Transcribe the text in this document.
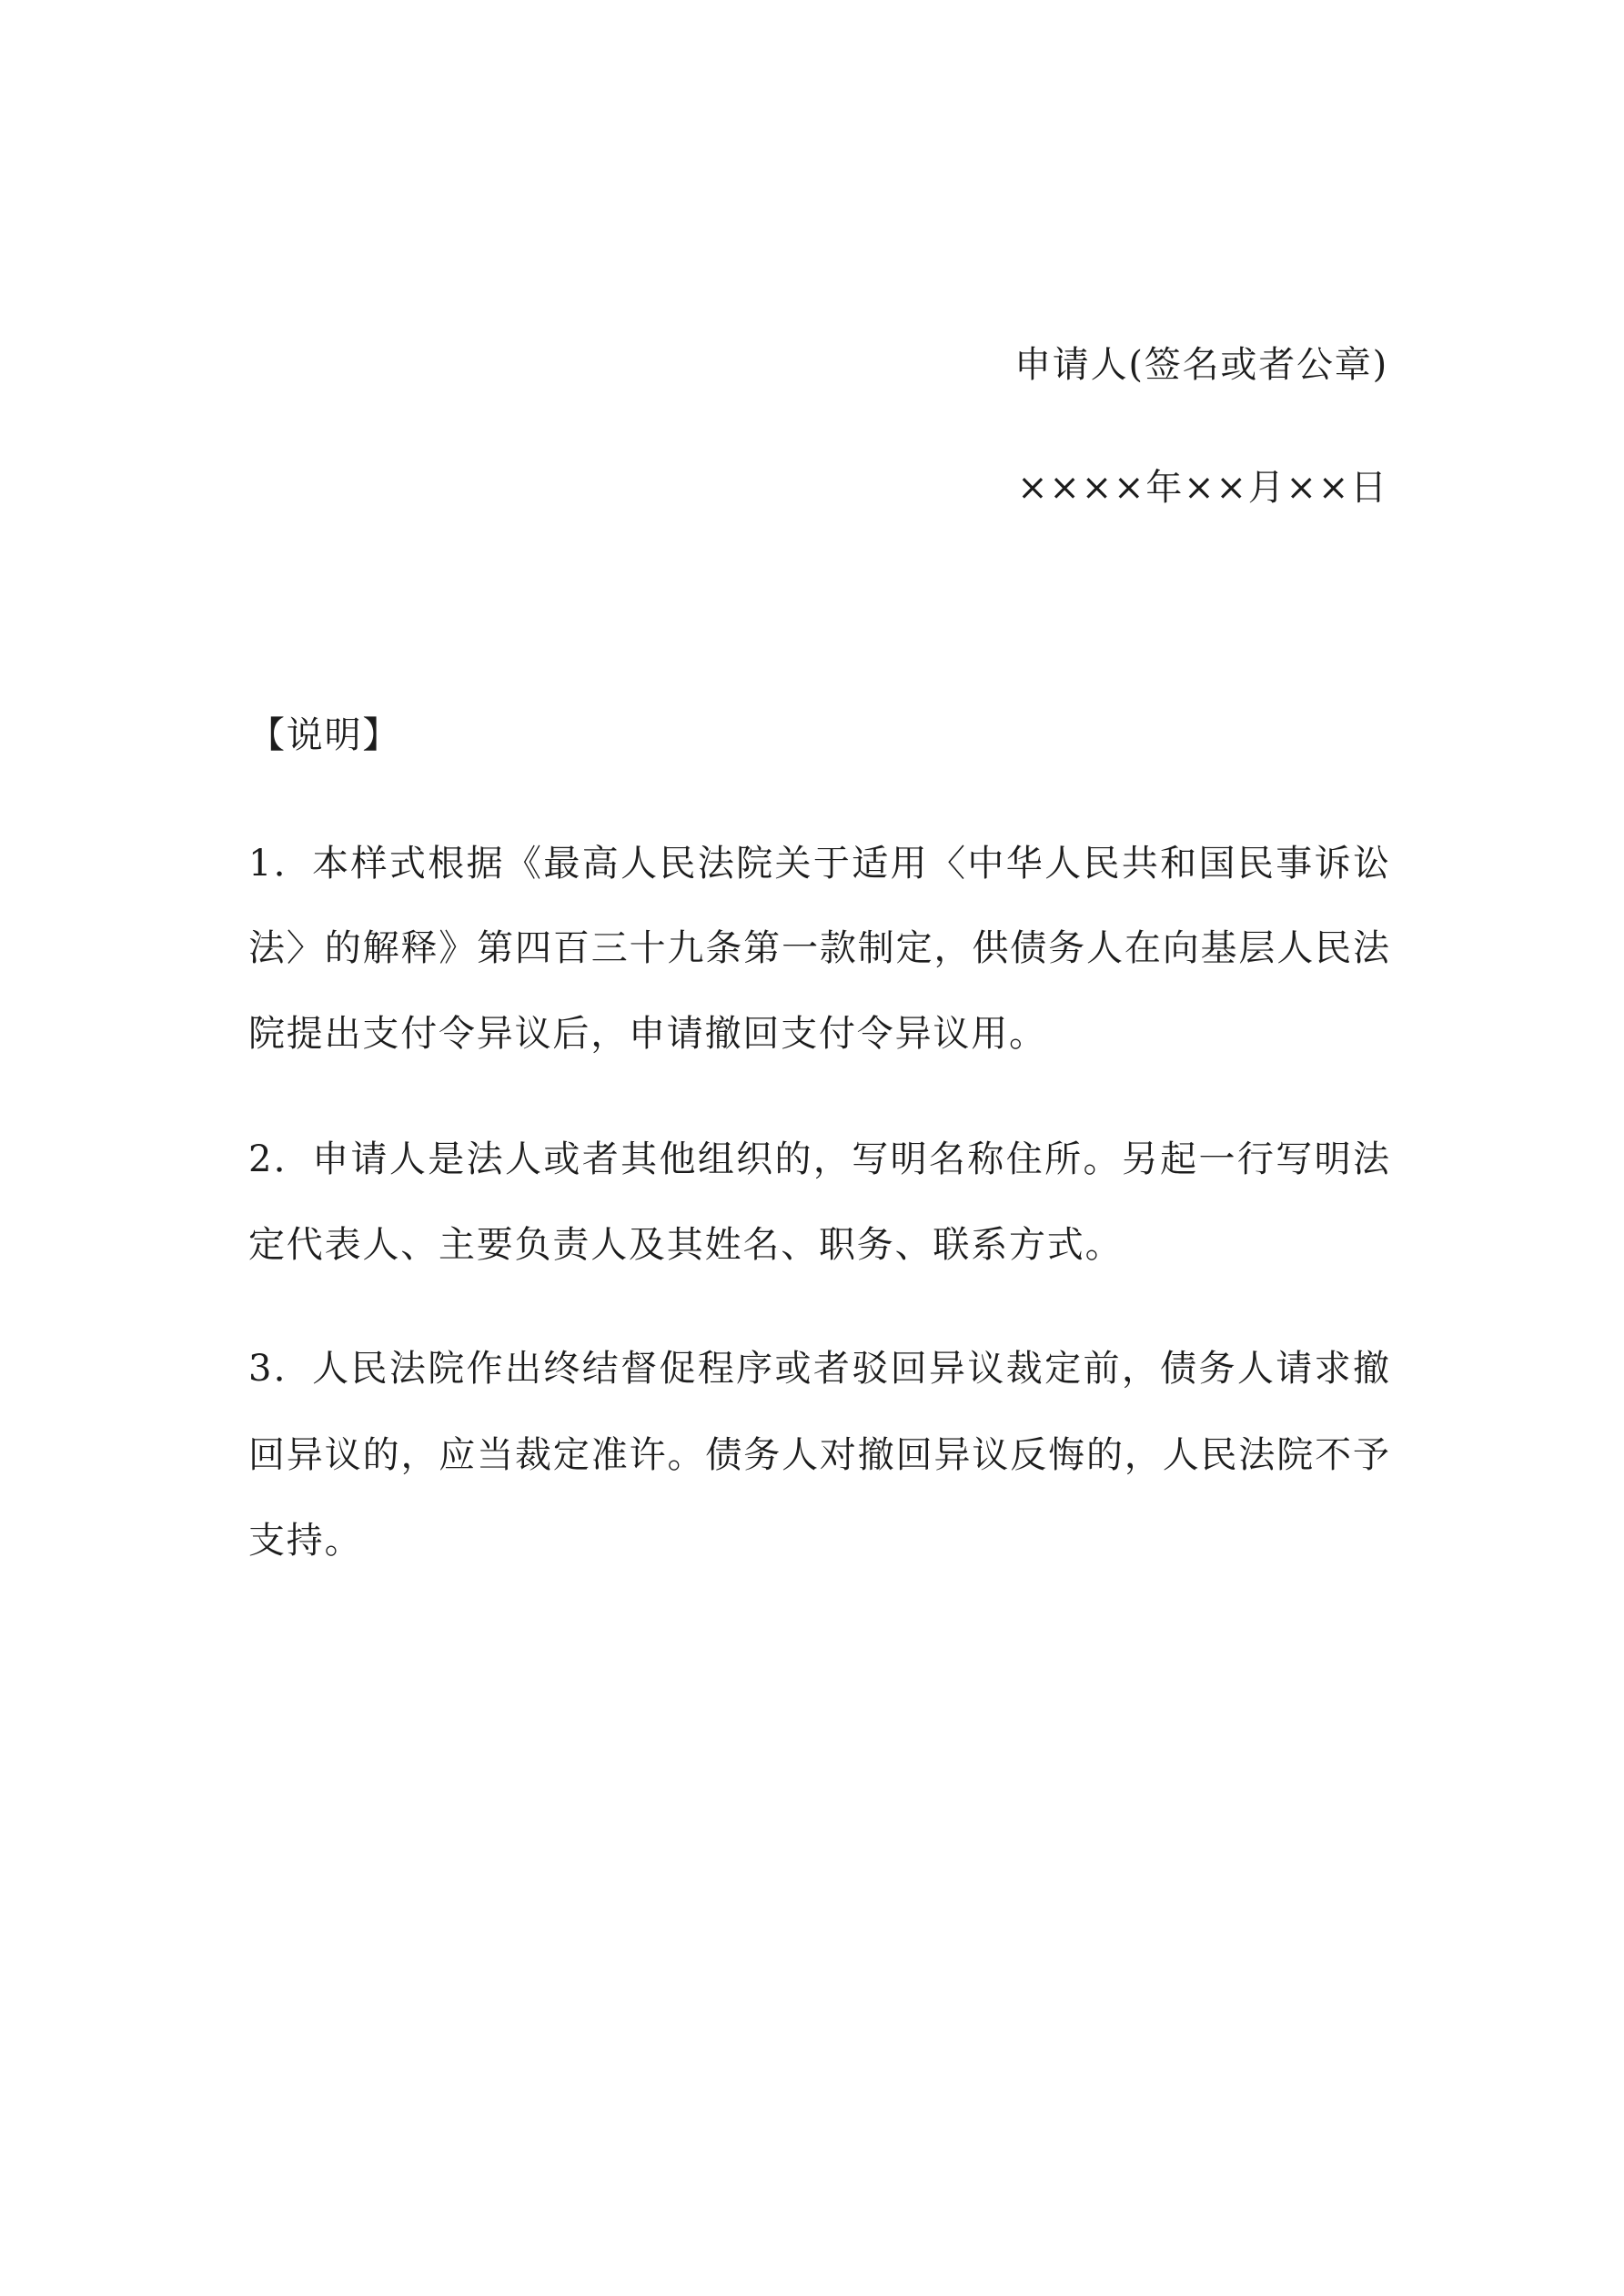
申请人(签名或者公章)
××××年××月××日
【说明】
1．本样式根据《最高人民法院关于适用〈中华人民共和国民事诉讼
法〉的解释》第四百三十九条第一款制定，供债务人在向基层人民法
院提出支付令异议后，申请撤回支付令异议用。
2．申请人是法人或者其他组织的，写明名称住所。另起一行写明法
定代表人、主要负责人及其姓名、职务、联系方式。
3．人民法院作出终结督促程序或者驳回异议裁定前，债务人请求撤
回异议的，应当裁定准许。债务人对撤回异议反悔的，人民法院不予
支持。
